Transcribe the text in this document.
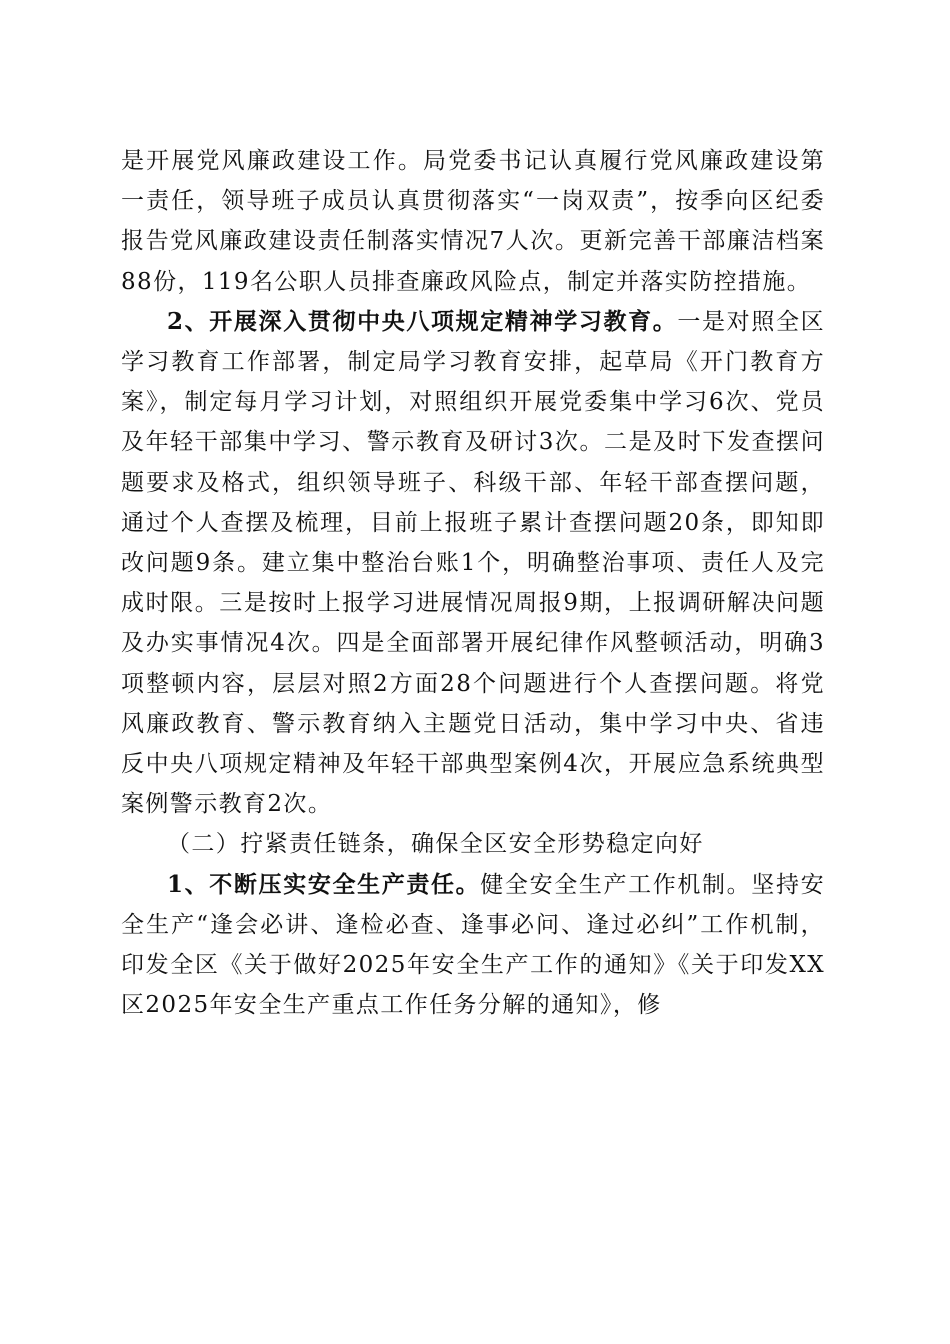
是开展党风廉政建设工作。局党委书记认真履行党风廉政建设第一责任，领导班子成员认真贯彻落实“一岗双责”，按季向区纪委报告党风廉政建设责任制落实情况7人次。更新完善干部廉洁档案88份，119名公职人员排查廉政风险点，制定并落实防控措施。

2、开展深入贯彻中央八项规定精神学习教育。一是对照全区学习教育工作部署，制定局学习教育安排，起草局《开门教育方案》，制定每月学习计划，对照组织开展党委集中学习6次、党员及年轻干部集中学习、警示教育及研讨3次。二是及时下发查摆问题要求及格式，组织领导班子、科级干部、年轻干部查摆问题，通过个人查摆及梳理，目前上报班子累计查摆问题20条，即知即改问题9条。建立集中整治台账1个，明确整治事项、责任人及完成时限。三是按时上报学习进展情况周报9期，上报调研解决问题及办实事情况4次。四是全面部署开展纪律作风整顿活动，明确3项整顿内容，层层对照2方面28个问题进行个人查摆问题。将党风廉政教育、警示教育纳入主题党日活动，集中学习中央、省违反中央八项规定精神及年轻干部典型案例4次，开展应急系统典型案例警示教育2次。

（二）拧紧责任链条，确保全区安全形势稳定向好

1、不断压实安全生产责任。健全安全生产工作机制。坚持安全生产“逢会必讲、逢检必查、逢事必问、逢过必纠”工作机制，印发全区《关于做好2025年安全生产工作的通知》《关于印发XX区2025年安全生产重点工作任务分解的通知》，修
